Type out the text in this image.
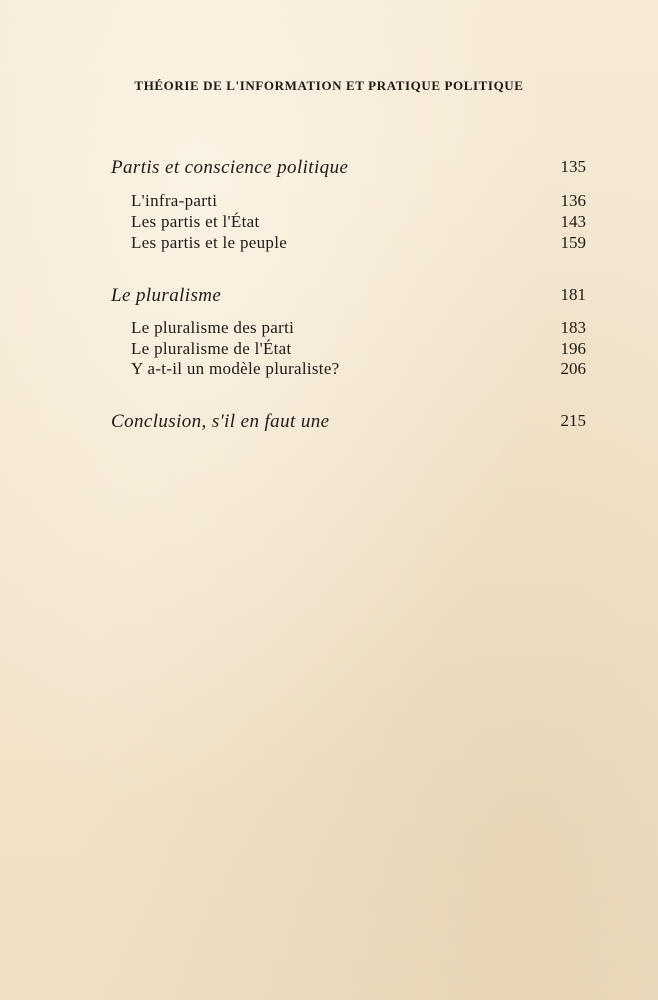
THÉORIE DE L'INFORMATION ET PRATIQUE POLITIQUE
Partis et conscience politique	135
L'infra-parti	136
Les partis et l'État	143
Les partis et le peuple	159
Le pluralisme	181
Le pluralisme des parti	183
Le pluralisme de l'État	196
Y a-t-il un modèle pluraliste?	206
Conclusion, s'il en faut une	215
